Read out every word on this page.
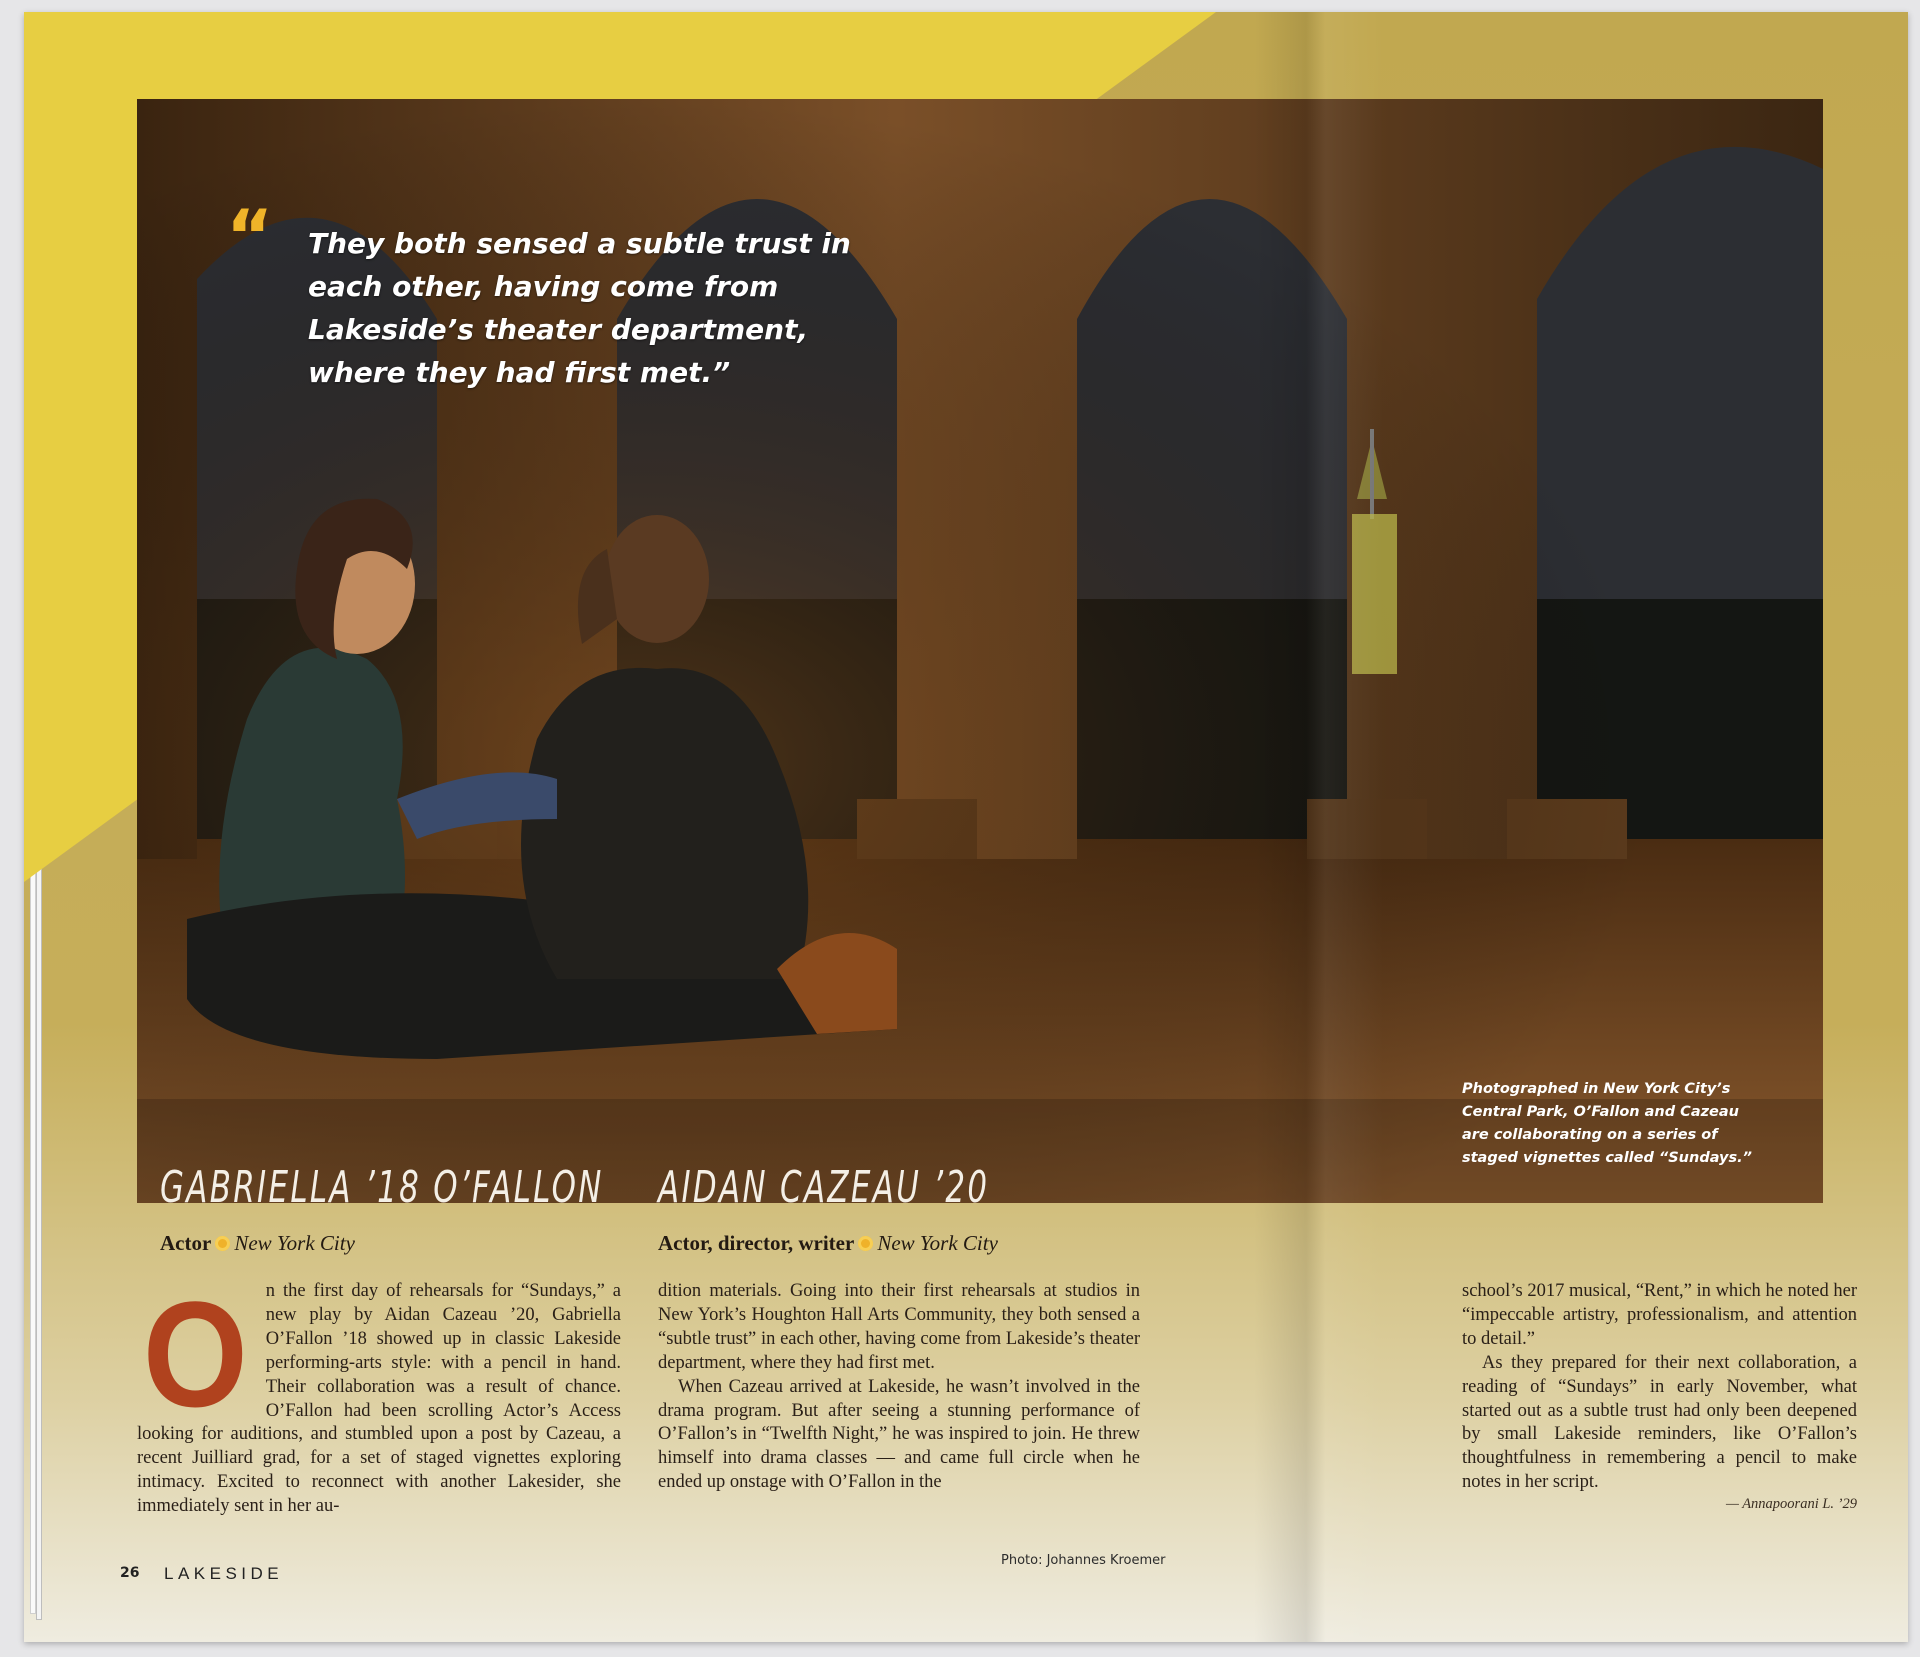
“ They both sensed a subtle trust in each other, having come from Lakeside’s theater department, where they had first met.”
Photographed in New York City’s Central Park, O’Fallon and Cazeau are collaborating on a series of staged vignettes called “Sundays.”
GABRIELLA ’18 O’FALLON AIDAN CAZEAU ’20
Actor New York City	Actor, director, writer New York City
O n the first day of rehearsals for “Sundays,” a new play by Aidan Cazeau ’20, Gabriella O’Fallon ’18 showed up in classic Lakeside performing-arts style: with a pencil in hand. Their collaboration was a result of chance. O’Fallon had been scrolling Actor’s Access looking for auditions, and stumbled upon a post by Cazeau, a recent Juilliard grad, for a set of staged vignettes exploring intimacy. Excited to reconnect with another Lakesider, she immediately sent in her au-

dition materials. Going into their first rehearsals at studios in New York’s Houghton Hall Arts Community, they both sensed a “subtle trust” in each other, having come from Lakeside’s theater department, where they had first met.

When Cazeau arrived at Lakeside, he wasn’t involved in the drama program. But after seeing a stunning performance of O’Fallon’s in “Twelfth Night,” he was inspired to join. He threw himself into drama classes — and came full circle when he ended up onstage with O’Fallon in the

school’s 2017 musical, “Rent,” in which he noted her “impeccable artistry, professionalism, and attention to detail.”

As they prepared for their next collaboration, a reading of “Sundays” in early November, what started out as a subtle trust had only been deepened by small Lakeside reminders, like O’Fallon’s thoughtfulness in remembering a pencil to make notes in her script.

— Annapoorani L. ’29
26 LAKESIDE
Photo: Johannes Kroemer
